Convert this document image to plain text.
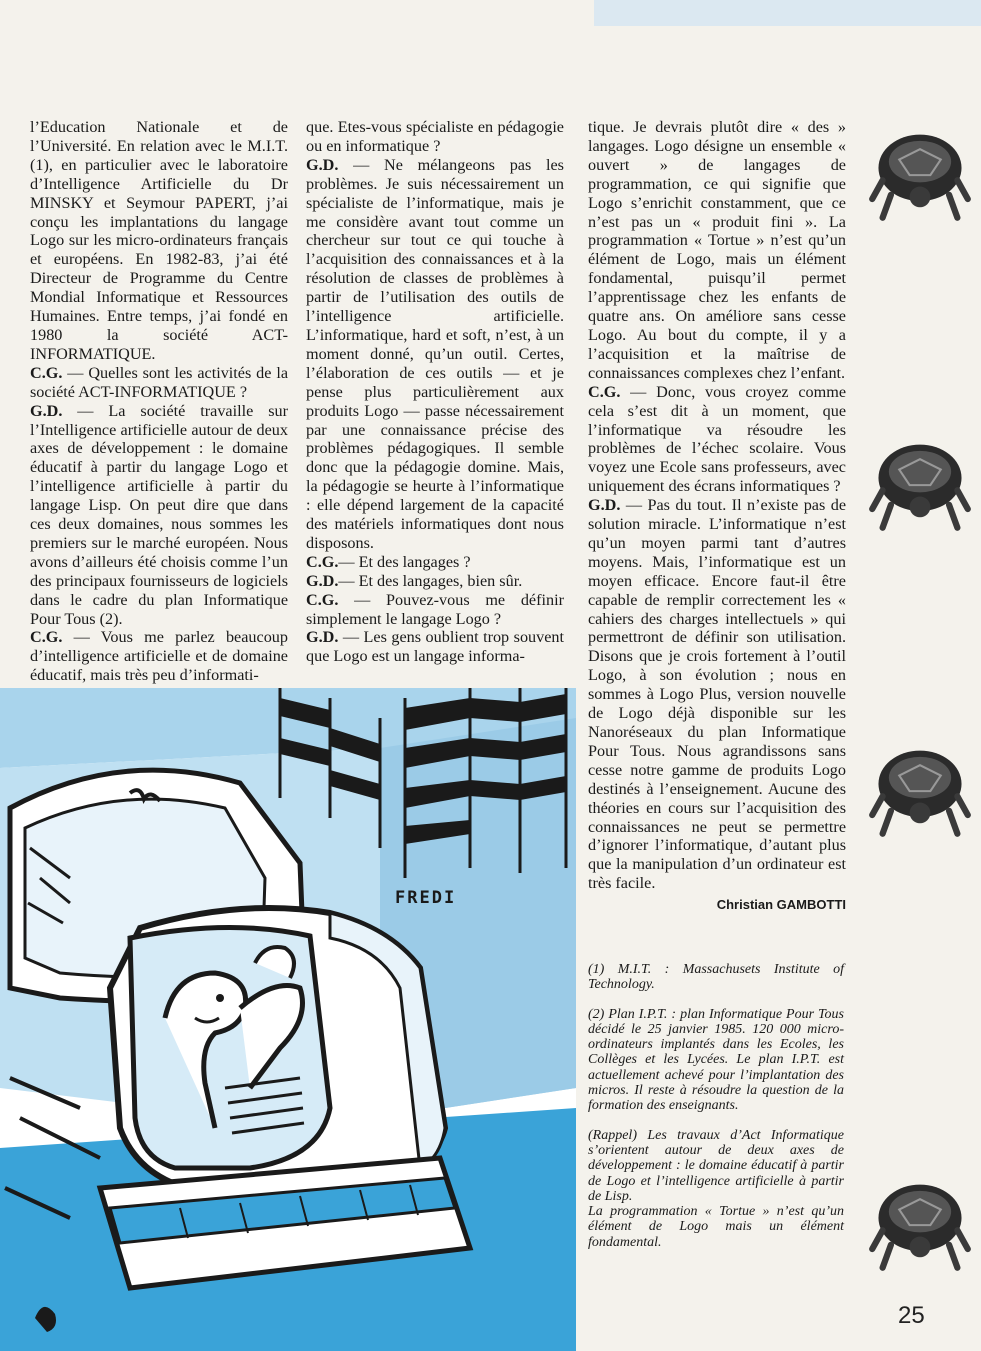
l’Education Nationale et de l’Université. En relation avec le M.I.T. (1), en particulier avec le laboratoire d’Intelligence Artificielle du Dr MINSKY et Seymour PAPERT, j’ai conçu les implantations du langage Logo sur les micro-ordinateurs français et européens. En 1982-83, j’ai été Directeur de Programme du Centre Mondial Informatique et Ressources Humaines. Entre temps, j’ai fondé en 1980 la société ACT-INFORMATIQUE.

C.G. — Quelles sont les activités de la société ACT-INFORMATIQUE ?

G.D. — La société travaille sur l’Intelligence artificielle autour de deux axes de développement : le domaine éducatif à partir du langage Logo et l’intelligence artificielle à partir du langage Lisp. On peut dire que dans ces deux domaines, nous sommes les premiers sur le marché européen. Nous avons d’ailleurs été choisis comme l’un des principaux fournisseurs de logiciels dans le cadre du plan Informatique Pour Tous (2).

C.G. — Vous me parlez beaucoup d’intelligence artificielle et de domaine éducatif, mais très peu d’informati-

que. Etes-vous spécialiste en pédagogie ou en informatique ?

G.D. — Ne mélangeons pas les problèmes. Je suis nécessairement un spécialiste de l’informatique, mais je me considère avant tout comme un chercheur sur tout ce qui touche à l’acquisition des connaissances et à la résolution de classes de problèmes à partir de l’utilisation des outils de l’intelligence artificielle. L’informatique, hard et soft, n’est, à un moment donné, qu’un outil. Certes, l’élaboration de ces outils — et je pense plus particulièrement aux produits Logo — passe nécessairement par une connaissance précise des problèmes pédagogiques. Il semble donc que la pédagogie domine. Mais, la pédagogie se heurte à l’informatique : elle dépend largement de la capacité des matériels informatiques dont nous disposons.

C.G.— Et des langages ?

G.D.— Et des langages, bien sûr.

C.G. — Pouvez-vous me définir simplement le langage Logo ?

G.D. — Les gens oublient trop souvent que Logo est un langage informa-

tique. Je devrais plutôt dire « des » langages. Logo désigne un ensemble « ouvert » de langages de programmation, ce qui signifie que Logo s’enrichit constamment, que ce n’est pas un « produit fini ». La programmation « Tortue » n’est qu’un élément de Logo, mais un élément fondamental, puisqu’il permet l’apprentissage chez les enfants de quatre ans. On améliore sans cesse Logo. Au bout du compte, il y a l’acquisition et la maîtrise de connaissances complexes chez l’enfant.

C.G. — Donc, vous croyez comme cela s’est dit à un moment, que l’informatique va résoudre les problèmes de l’échec scolaire. Vous voyez une Ecole sans professeurs, avec uniquement des écrans informatiques ?

G.D. — Pas du tout. Il n’existe pas de solution miracle. L’informatique n’est qu’un moyen parmi tant d’autres moyens. Mais, l’informatique est un moyen efficace. Encore faut-il être capable de remplir correctement les « cahiers des charges intellectuels » qui permettront de définir son utilisation. Disons que je crois fortement à l’outil Logo, à son évolution ; nous en sommes à Logo Plus, version nouvelle de Logo déjà disponible sur les Nanoréseaux du plan Informatique Pour Tous. Nous agrandissons sans cesse notre gamme de produits Logo destinés à l’enseignement. Aucune des théories en cours sur l’acquisition des connaissances ne peut se permettre d’ignorer l’informatique, d’autant plus que la manipulation d’un ordinateur est très facile.

Christian GAMBOTTI

(1) M.I.T. : Massachusets Institute of Technology.

(2) Plan I.P.T. : plan Informatique Pour Tous décidé le 25 janvier 1985. 120 000 micro-ordinateurs implantés dans les Ecoles, les Collèges et les Lycées. Le plan I.P.T. est actuellement achevé pour l’implantation des micros. Il reste à résoudre la question de la formation des enseignants.

(Rappel) Les travaux d’Act Informatique s’orientent autour de deux axes de développement : le domaine éducatif à partir de Logo et l’intelligence artificielle à partir de Lisp.

La programmation « Tortue » n’est qu’un élément de Logo mais un élément fondamental.

FREDI
25
